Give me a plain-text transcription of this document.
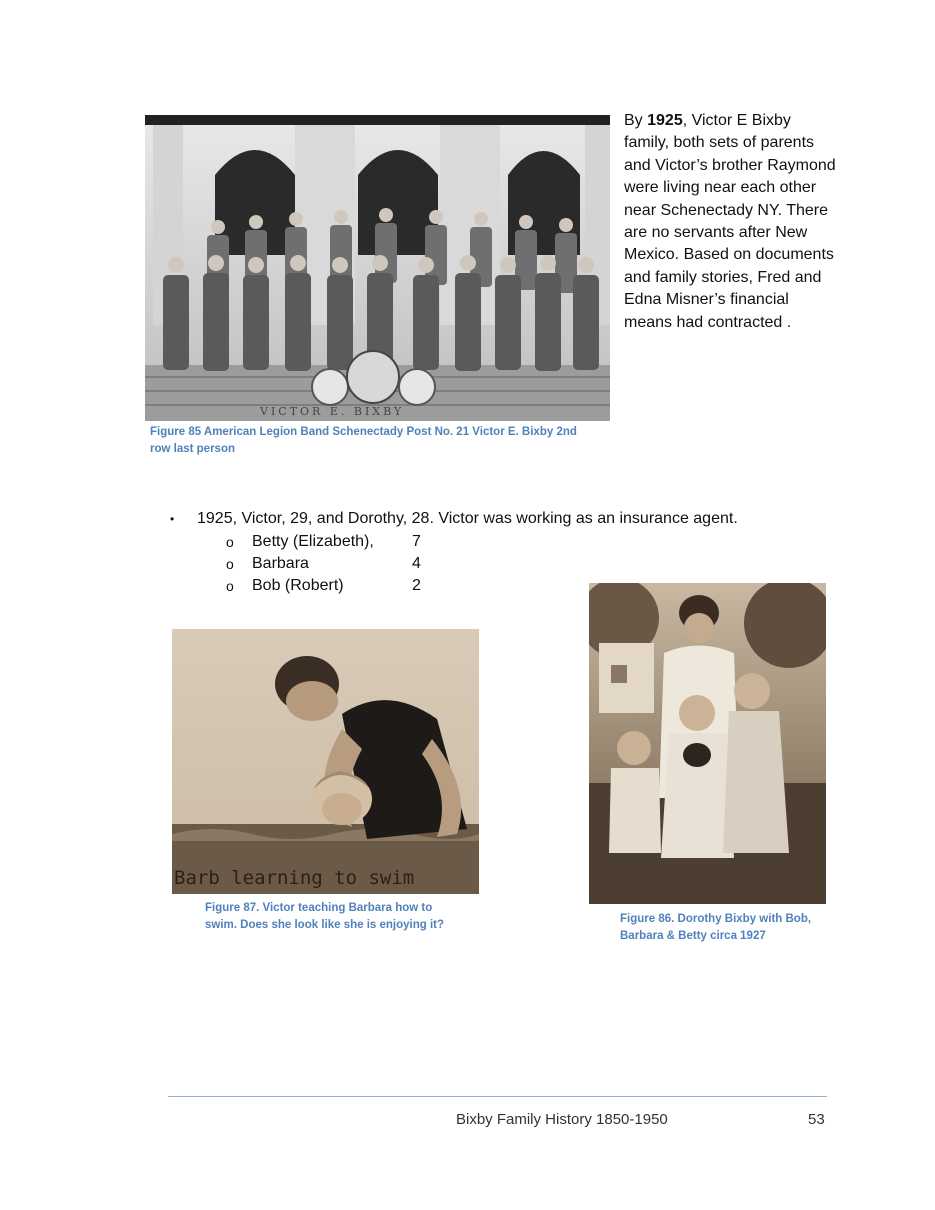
VICTOR E. BIXBY
Figure 85 American Legion Band Schenectady Post No. 21 Victor E. Bixby 2nd row last person
By 1925, Victor E Bixby family, both sets of parents and Victor’s brother Raymond were living near each other near Schenectady NY. There are no servants after New Mexico. Based on documents and family stories, Fred and Edna Misner’s financial means had contracted .
• 1925, Victor, 29, and Dorothy, 28. Victor was working as an insurance agent.
o Betty (Elizabeth), 7
o Barbara	4
o Bob (Robert)	2
Barb learning to swim
Figure 87. Victor teaching Barbara how to swim. Does she look like she is enjoying it?	Figure 86. Dorothy Bixby with Bob, Barbara & Betty circa 1927
Bixby Family History 1850-1950	53
